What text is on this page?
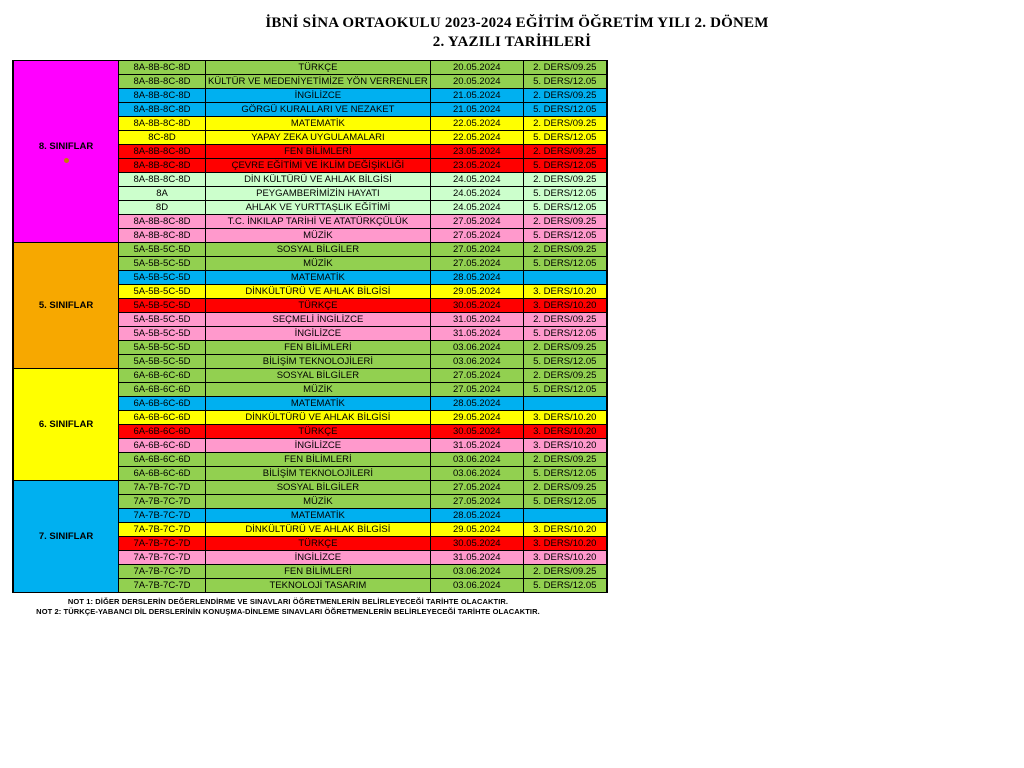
İBNİ SİNA ORTAOKULU 2023-2024 EĞİTİM ÖĞRETİM YILI 2. DÖNEM
2. YAZILI TARİHLERİ
8. SINIFLAR	8A-8B-8C-8D	TÜRKÇE	20.05.2024	2. DERS/09.25
	8A-8B-8C-8D	KÜLTÜR VE MEDENİYETİMİZE YÖN VERRENLER	20.05.2024	5. DERS/12.05
	8A-8B-8C-8D	İNGİLİZCE	21.05.2024	2. DERS/09.25
	8A-8B-8C-8D	GÖRGÜ KURALLARI VE NEZAKET	21.05.2024	5. DERS/12.05
	8A-8B-8C-8D	MATEMATİK	22.05.2024	2. DERS/09.25
	8C-8D	YAPAY ZEKA UYGULAMALARI	22.05.2024	5. DERS/12.05
	8A-8B-8C-8D	FEN BİLİMLERİ	23.05.2024	2. DERS/09.25
	8A-8B-8C-8D	ÇEVRE EĞİTİMİ VE İKLİM DEĞİŞİKLİĞİ	23.05.2024	5. DERS/12.05
	8A-8B-8C-8D	DİN KÜLTÜRÜ VE AHLAK BİLGİSİ	24.05.2024	2. DERS/09.25
	8A	PEYGAMBERİMİZİN HAYATI	24.05.2024	5. DERS/12.05
	8D	AHLAK VE YURTTAŞLIK EĞİTİMİ	24.05.2024	5. DERS/12.05
	8A-8B-8C-8D	T.C. İNKILAP TARİHİ VE ATATÜRKÇÜLÜK	27.05.2024	2. DERS/09.25
	8A-8B-8C-8D	MÜZİK	27.05.2024	5. DERS/12.05
5. SINIFLAR	5A-5B-5C-5D	SOSYAL BİLGİLER	27.05.2024	2. DERS/09.25
	5A-5B-5C-5D	MÜZİK	27.05.2024	5. DERS/12.05
	5A-5B-5C-5D	MATEMATİK	28.05.2024	
	5A-5B-5C-5D	DİNKÜLTÜRÜ VE AHLAK BİLGİSİ	29.05.2024	3. DERS/10.20
	5A-5B-5C-5D	TÜRKÇE	30.05.2024	3. DERS/10.20
	5A-5B-5C-5D	SEÇMELİ İNGİLİZCE	31.05.2024	2. DERS/09.25
	5A-5B-5C-5D	İNGİLİZCE	31.05.2024	5. DERS/12.05
	5A-5B-5C-5D	FEN BİLİMLERİ	03.06.2024	2. DERS/09.25
	5A-5B-5C-5D	BİLİŞİM TEKNOLOJİLERİ	03.06.2024	5. DERS/12.05
6. SINIFLAR	6A-6B-6C-6D	SOSYAL BİLGİLER	27.05.2024	2. DERS/09.25
	6A-6B-6C-6D	MÜZİK	27.05.2024	5. DERS/12.05
	6A-6B-6C-6D	MATEMATİK	28.05.2024	
	6A-6B-6C-6D	DİNKÜLTÜRÜ VE AHLAK BİLGİSİ	29.05.2024	3. DERS/10.20
	6A-6B-6C-6D	TÜRKÇE	30.05.2024	3. DERS/10.20
	6A-6B-6C-6D	İNGİLİZCE	31.05.2024	3. DERS/10.20
	6A-6B-6C-6D	FEN BİLİMLERİ	03.06.2024	2. DERS/09.25
	6A-6B-6C-6D	BİLİŞİM TEKNOLOJİLERİ	03.06.2024	5. DERS/12.05
7. SINIFLAR	7A-7B-7C-7D	SOSYAL BİLGİLER	27.05.2024	2. DERS/09.25
	7A-7B-7C-7D	MÜZİK	27.05.2024	5. DERS/12.05
	7A-7B-7C-7D	MATEMATİK	28.05.2024	
	7A-7B-7C-7D	DİNKÜLTÜRÜ VE AHLAK BİLGİSİ	29.05.2024	3. DERS/10.20
	7A-7B-7C-7D	TÜRKÇE	30.05.2024	3. DERS/10.20
	7A-7B-7C-7D	İNGİLİZCE	31.05.2024	3. DERS/10.20
	7A-7B-7C-7D	FEN BİLİMLERİ	03.06.2024	2. DERS/09.25
	7A-7B-7C-7D	TEKNOLOJİ TASARIM	03.06.2024	5. DERS/12.05
NOT 1: DİĞER DERSLERİN DEĞERLENDİRME VE SINAVLARI ÖĞRETMENLERİN BELİRLEYECEĞİ TARİHTE OLACAKTIR.
NOT 2: TÜRKÇE-YABANCI DİL DERSLERİNİN KONUŞMA-DİNLEME SINAVLARI ÖĞRETMENLERİN BELİRLEYECEĞİ TARİHTE OLACAKTIR.
